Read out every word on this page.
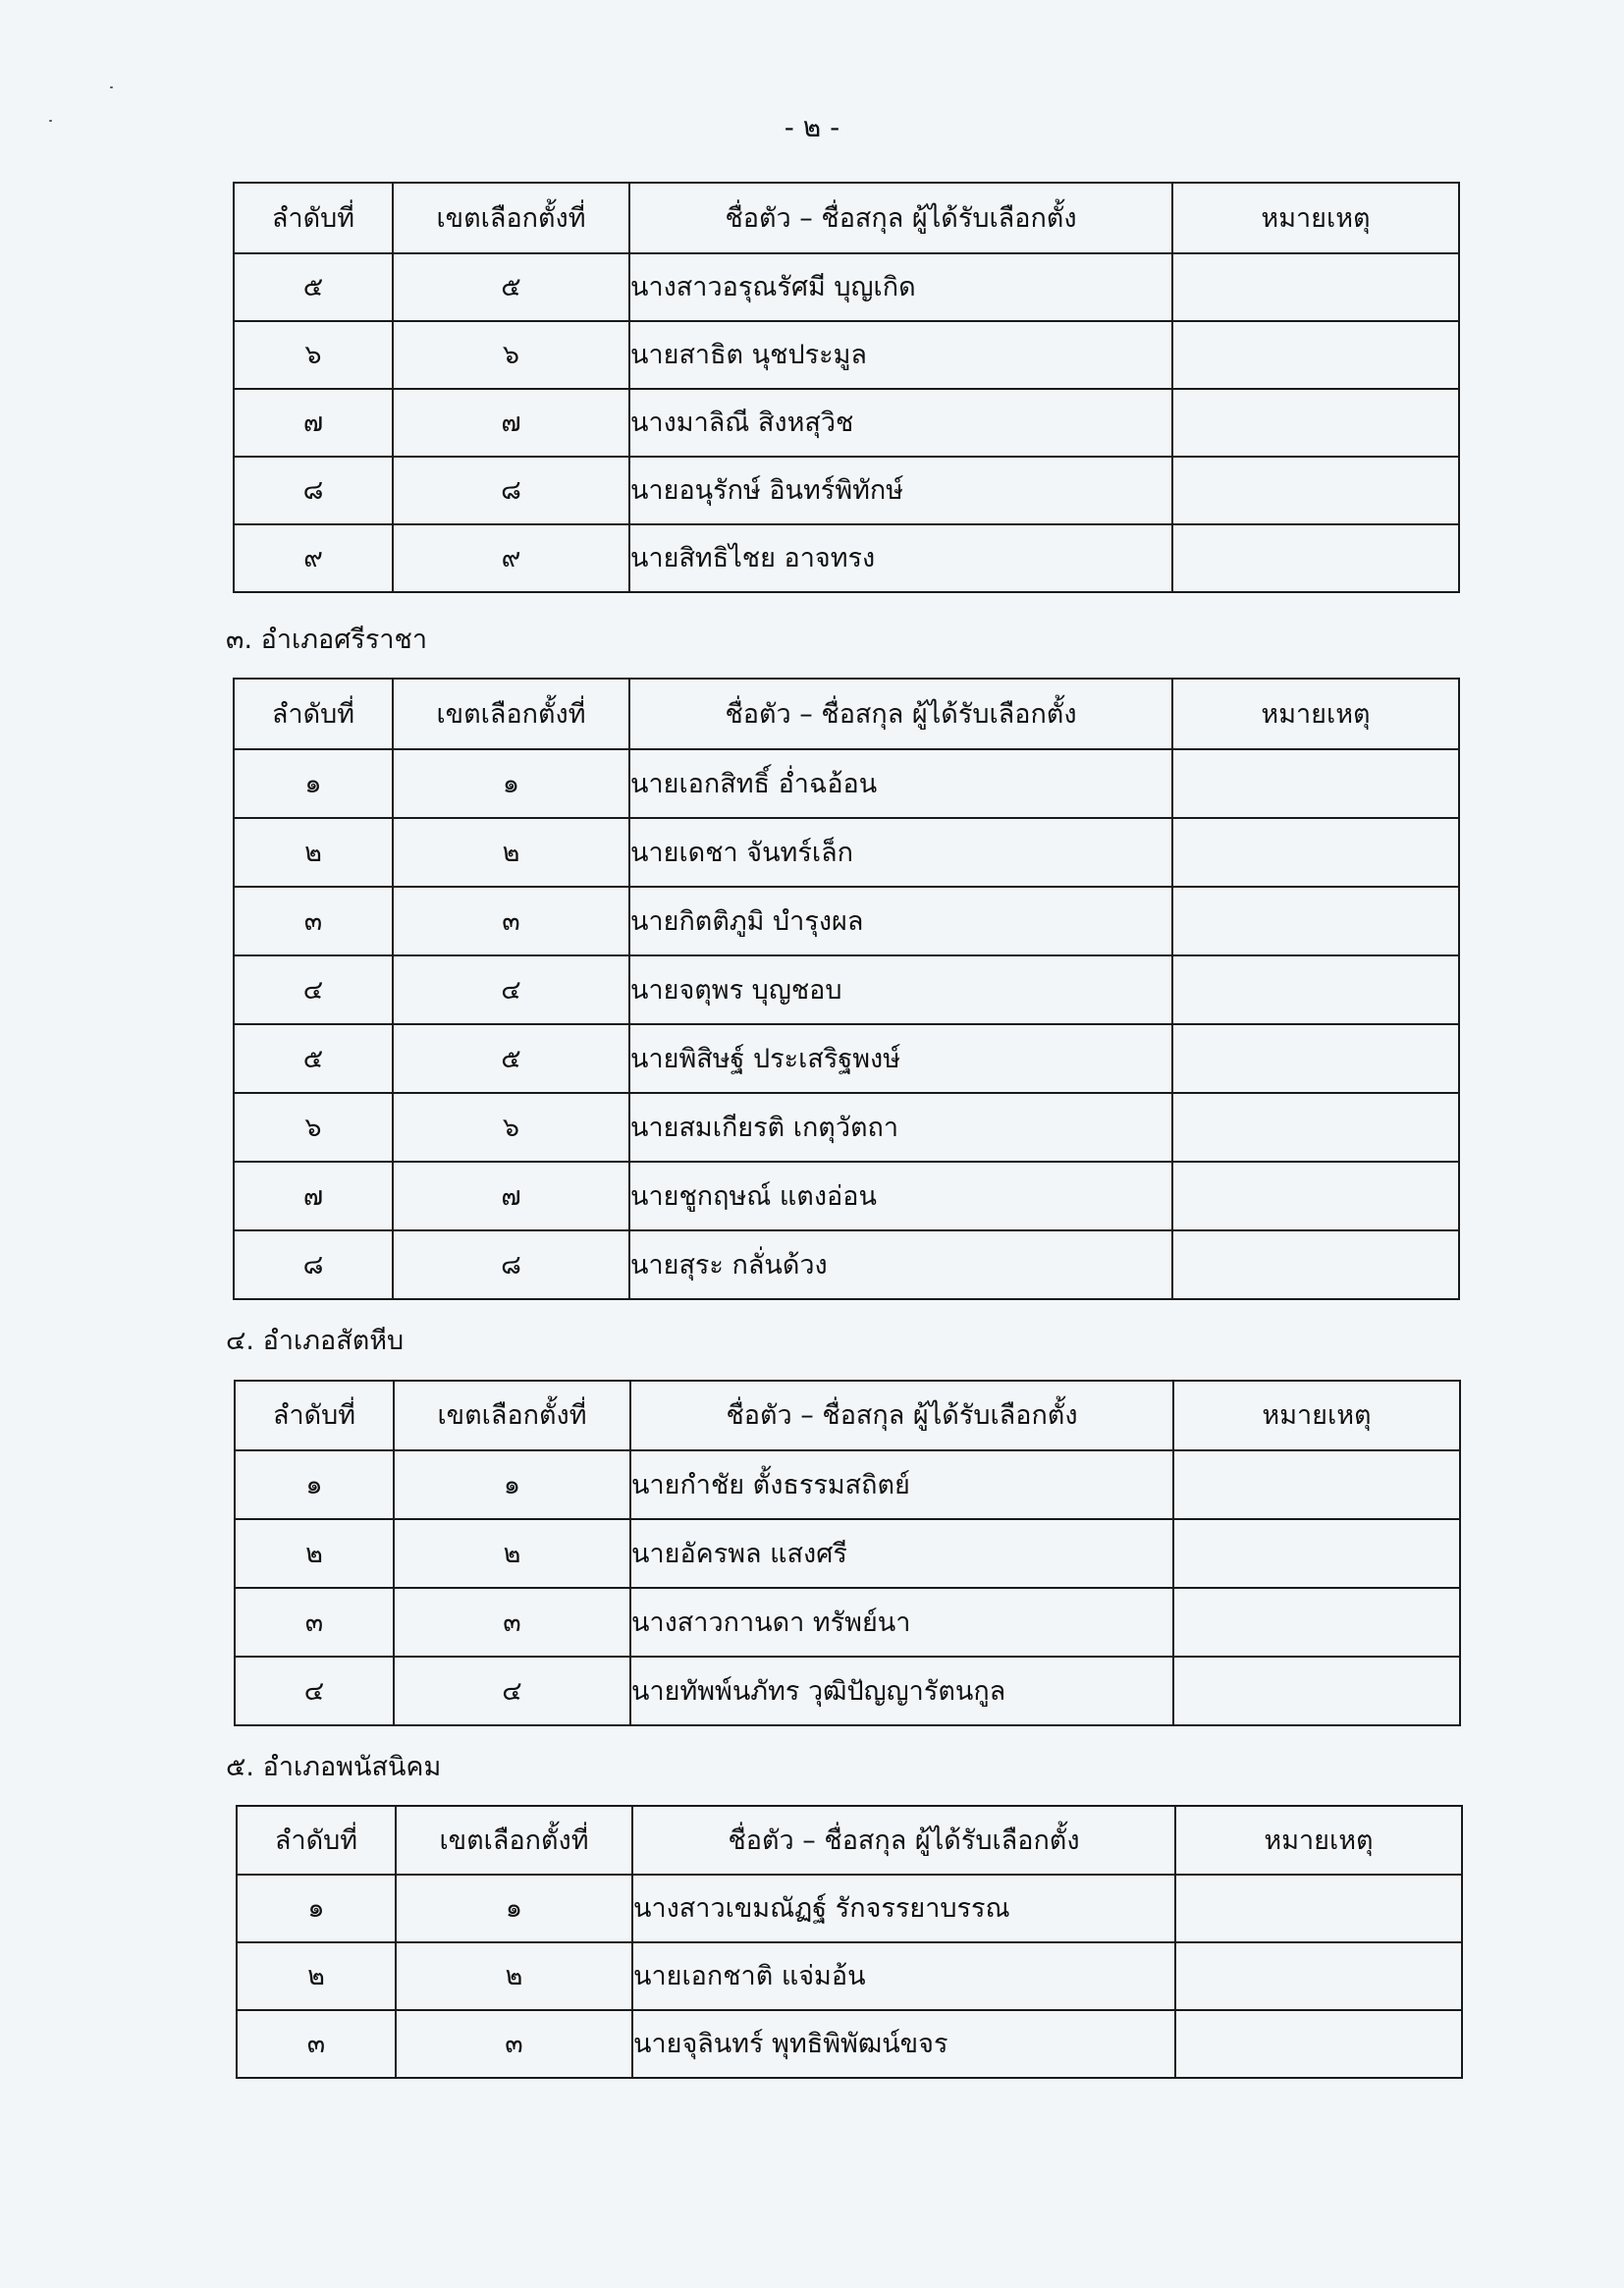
- ๒ -
ลำดับที่	เขตเลือกตั้งที่	ชื่อตัว – ชื่อสกุล ผู้ได้รับเลือกตั้ง	หมายเหตุ
๕	๕	นางสาวอรุณรัศมี บุญเกิด	
๖	๖	นายสาธิต นุชประมูล	
๗	๗	นางมาลิณี สิงหสุวิช	
๘	๘	นายอนุรักษ์ อินทร์พิทักษ์	
๙	๙	นายสิทธิไชย อาจทรง	
๓. อำเภอศรีราชา
ลำดับที่	เขตเลือกตั้งที่	ชื่อตัว – ชื่อสกุล ผู้ได้รับเลือกตั้ง	หมายเหตุ
๑	๑	นายเอกสิทธิ์ อ่ำฉอ้อน	
๒	๒	นายเดชา จันทร์เล็ก	
๓	๓	นายกิตติภูมิ บำรุงผล	
๔	๔	นายจตุพร บุญชอบ	
๕	๕	นายพิสิษฐ์ ประเสริฐพงษ์	
๖	๖	นายสมเกียรติ เกตุวัตถา	
๗	๗	นายชูกฤษณ์ แตงอ่อน	
๘	๘	นายสุระ กลั่นด้วง	
๔. อำเภอสัตหีบ
ลำดับที่	เขตเลือกตั้งที่	ชื่อตัว – ชื่อสกุล ผู้ได้รับเลือกตั้ง	หมายเหตุ
๑	๑	นายกำชัย ตั้งธรรมสถิตย์	
๒	๒	นายอัครพล แสงศรี	
๓	๓	นางสาวกานดา ทรัพย์นา	
๔	๔	นายทัพพ์นภัทร วุฒิปัญญารัตนกูล	
๕. อำเภอพนัสนิคม
ลำดับที่	เขตเลือกตั้งที่	ชื่อตัว – ชื่อสกุล ผู้ได้รับเลือกตั้ง	หมายเหตุ
๑	๑	นางสาวเขมณัฏฐ์ รักจรรยาบรรณ	
๒	๒	นายเอกชาติ แจ่มอ้น	
๓	๓	นายจุลินทร์ พุทธิพิพัฒน์ขจร	
